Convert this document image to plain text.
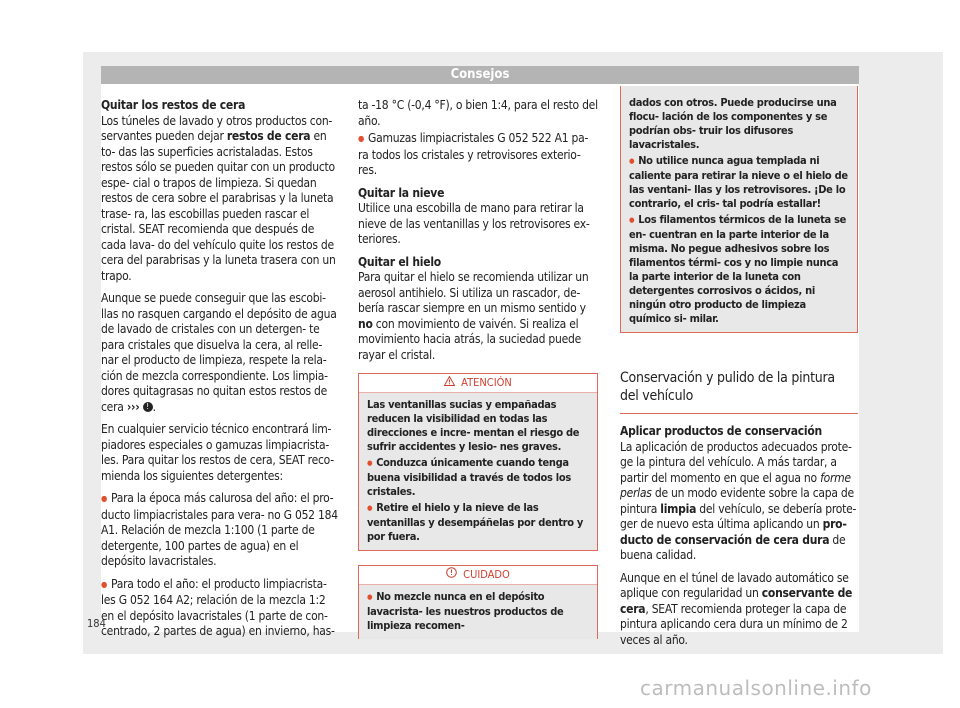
Consejos
Quitar los restos de cera

Los túneles de lavado y otros productos con- servantes pueden dejar restos de cera en to- das las superficies acristaladas. Estos restos sólo se pueden quitar con un producto espe- cial o trapos de limpieza. Si quedan restos de cera sobre el parabrisas y la luneta trase- ra, las escobillas pueden rascar el cristal. SEAT recomienda que después de cada lava- do del vehículo quite los restos de cera del parabrisas y la luneta trasera con un trapo.

Aunque se puede conseguir que las escobi- llas no rasquen cargando el depósito de agua de lavado de cristales con un detergen- te para cristales que disuelva la cera, al relle- nar el producto de limpieza, respete la rela- ción de mezcla correspondiente. Los limpia- dores quitagrasas no quitan estos restos de cera ››› ! .

En cualquier servicio técnico encontrará lim- piadores especiales o gamuzas limpiacrista- les. Para quitar los restos de cera, SEAT reco- mienda los siguientes detergentes:

● Para la época más calurosa del año: el pro- ducto limpiacristales para vera- no G 052 184 A1. Relación de mezcla 1:100 (1 parte de detergente, 100 partes de agua) en el depósito lavacristales.

● Para todo el año: el producto limpiacrista- les G 052 164 A2; relación de la mezcla 1:2 en el depósito lavacristales (1 parte de con- centrado, 2 partes de agua) en invierno, has-

ta -18 °C (-0,4 °F), o bien 1:4, para el resto del año.

● Gamuzas limpiacristales G 052 522 A1 pa- ra todos los cristales y retrovisores exterio- res.

Quitar la nieve

Utilice una escobilla de mano para retirar la nieve de las ventanillas y los retrovisores ex- teriores.

Quitar el hielo

Para quitar el hielo se recomienda utilizar un aerosol antihielo. Si utiliza un rascador, de- bería rascar siempre en un mismo sentido y no con movimiento de vaivén. Si realiza el movimiento hacia atrás, la suciedad puede rayar el cristal.

ATENCIÓN

Las ventanillas sucias y empañadas reducen la visibilidad en todas las direcciones e incre- mentan el riesgo de sufrir accidentes y lesio- nes graves.

● Conduzca únicamente cuando tenga buena visibilidad a través de todos los cristales.

● Retire el hielo y la nieve de las ventanillas y desempáñelas por dentro y por fuera.

CUIDADO

● No mezcle nunca en el depósito lavacrista- les nuestros productos de limpieza recomen-

dados con otros. Puede producirse una flocu- lación de los componentes y se podrían obs- truir los difusores lavacristales.

● No utilice nunca agua templada ni caliente para retirar la nieve o el hielo de las ventani- llas y los retrovisores. ¡De lo contrario, el cris- tal podría estallar!

● Los filamentos térmicos de la luneta se en- cuentran en la parte interior de la misma. No pegue adhesivos sobre los filamentos térmi- cos y no limpie nunca la parte interior de la luneta con detergentes corrosivos o ácidos, ni ningún otro producto de limpieza químico si- milar.

Conservación y pulido de la pintura
del vehículo
Aplicar productos de conservación

La aplicación de productos adecuados prote- ge la pintura del vehículo. A más tardar, a partir del momento en que el agua no forme perlas de un modo evidente sobre la capa de pintura limpia del vehículo, se debería prote- ger de nuevo esta última aplicando un pro- ducto de conservación de cera dura de buena calidad.

Aunque en el túnel de lavado automático se aplique con regularidad un conservante de cera, SEAT recomienda proteger la capa de pintura aplicando cera dura un mínimo de 2 veces al año.

184
carmanualsonline.info
